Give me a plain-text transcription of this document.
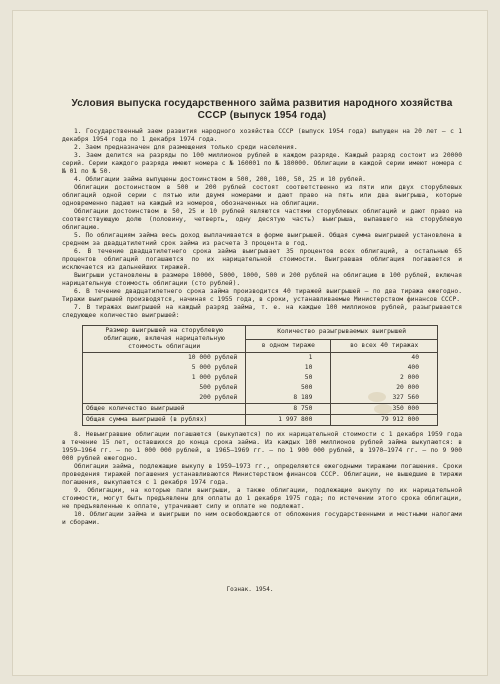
Условия выпуска государственного займа развития народного хозяйства СССР (выпуск 1954 года)

1. Государственный заем развития народного хозяйства СССР (выпуск 1954 года) выпущен на 20 лет — с 1 декабря 1954 года по 1 декабря 1974 года.

2. Заем предназначен для размещения только среди населения.

3. Заем делится на разряды по 100 миллионов рублей в каждом разряде. Каждый разряд состоит из 20000 серий. Серии каждого разряда имеют номера с № 160001 по № 180000. Облигации в каждой серии имеют номера с № 01 по № 50.

4. Облигации займа выпущены достоинством в 500, 200, 100, 50, 25 и 10 рублей.

Облигации достоинством в 500 и 200 рублей состоят соответственно из пяти или двух сторублевых облигаций одной серии с пятью или двумя номерами и дают право на пять или два выигрыша, которые одновременно падают на каждый из номеров, обозначенных на облигации.

Облигации достоинством в 50, 25 и 10 рублей являются частями сторублевых облигаций и дают право на соответствующую долю (половину, четверть, одну десятую часть) выигрыша, выпавшего на сторублевую облигацию.

5. По облигациям займа весь доход выплачивается в форме выигрышей. Общая сумма выигрышей установлена в среднем за двадцатилетний срок займа из расчета 3 процента в год.

6. В течение двадцатилетнего срока займа выигрывает 35 процентов всех облигаций, а остальные 65 процентов облигаций погашаются по их нарицательной стоимости. Выигравшая облигация погашается и исключается из дальнейших тиражей.

Выигрыши установлены в размере 10000, 5000, 1000, 500 и 200 рублей на облигацию в 100 рублей, включая нарицательную стоимость облигации (сто рублей).

6. В течение двадцатилетнего срока займа производится 40 тиражей выигрышей — по два тиража ежегодно. Тиражи выигрышей производятся, начиная с 1955 года, в сроки, устанавливаемые Министерством финансов СССР.

7. В тиражах выигрышей на каждый разряд займа, т. е. на каждые 100 миллионов рублей, разыгрывается следующее количество выигрышей:

Размер выигрышей на сторублевую облигацию, включая нарицательную стоимость облигации	Количество разыгрываемых выигрышей	
	в одном тираже	во всех 40 тиражах
10 000 рублей	1	40
5 000 рублей	10	400
1 000 рублей	50	2 000
500 рублей	500	20 000
200 рублей	8 189	327 560
Общее количество выигрышей	8 750	350 000
Общая сумма выигрышей (в рублях)	1 997 800	79 912 000

8. Невыигравшие облигации погашаются (выкупаются) по их нарицательной стоимости с 1 декабря 1959 года в течение 15 лет, оставшихся до конца срока займа. Из каждых 100 миллионов рублей займа выкупаются: в 1959—1964 гг. — по 1 000 000 рублей, в 1965—1969 гг. — по 1 900 000 рублей, в 1970—1974 гг. — по 9 900 000 рублей ежегодно.

Облигации займа, подлежащие выкупу в 1959—1973 гг., определяются ежегодными тиражами погашения. Сроки проведения тиражей погашения устанавливаются Министерством финансов СССР. Облигации, не вышедшие в тиражи погашения, выкупаются с 1 декабря 1974 года.

9. Облигации, на которые пали выигрыши, а также облигации, подлежащие выкупу по их нарицательной стоимости, могут быть предъявлены для оплаты до 1 декабря 1975 года; по истечении этого срока облигации, не предъявленные к оплате, утрачивают силу и оплате не подлежат.

10. Облигации займа и выигрыши по ним освобождаются от обложения государственными и местными налогами и сборами.

Гознак. 1954.
